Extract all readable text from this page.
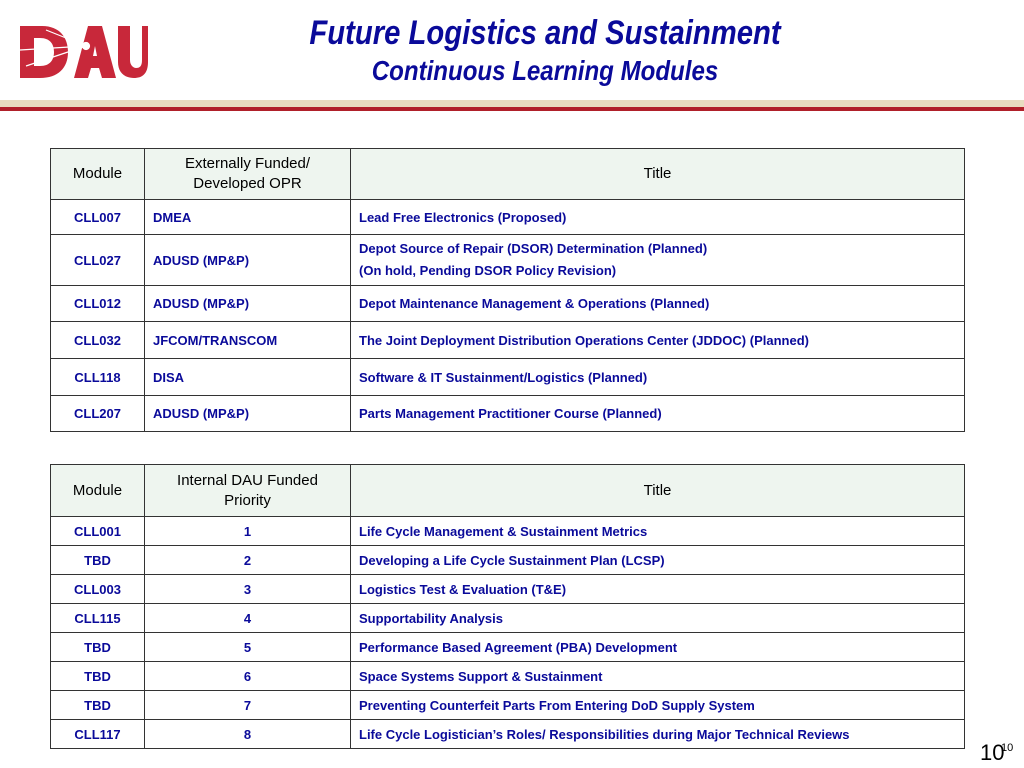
Future Logistics and Sustainment
Continuous Learning Modules
Module	Externally Funded/ Developed OPR	Title
CLL007	DMEA	Lead Free Electronics (Proposed)
CLL027	ADUSD (MP&P)	Depot Source of Repair (DSOR) Determination (Planned)
(On hold, Pending DSOR Policy Revision)

CLL012	ADUSD (MP&P)	Depot Maintenance Management & Operations (Planned)
CLL032	JFCOM/TRANSCOM	The Joint Deployment Distribution Operations Center (JDDOC) (Planned)
CLL118	DISA	Software & IT Sustainment/Logistics (Planned)
CLL207	ADUSD (MP&P)	Parts Management Practitioner Course (Planned)
Module	Internal DAU Funded Priority	Title
CLL001	1	Life Cycle Management & Sustainment Metrics
TBD	2	Developing a Life Cycle Sustainment Plan (LCSP)
CLL003	3	Logistics Test & Evaluation (T&E)
CLL115	4	Supportability Analysis
TBD	5	Performance Based Agreement (PBA) Development
TBD	6	Space Systems Support & Sustainment
TBD	7	Preventing Counterfeit Parts From Entering DoD Supply System
CLL117	8	Life Cycle Logistician’s Roles/ Responsibilities during Major Technical Reviews
10
10
